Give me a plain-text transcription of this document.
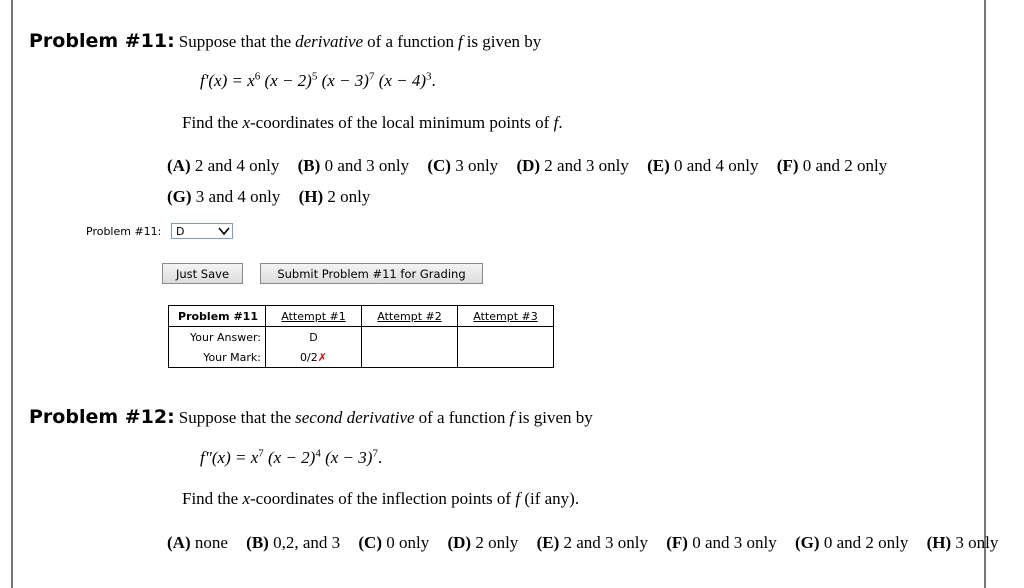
Problem #11: Suppose that the derivative of a function f is given by
$f'(x) = x^6$ $(x - 2)^5$ $(x - 3)^7$ $(x - 4)^3$.
Find the x-coordinates of the local minimum points of f.
(A) 2 and 4 only (B) 0 and 3 only (C) 3 only (D) 2 and 3 only (E) 0 and 4 only (F) 0 and 2 only
(G) 3 and 4 only (H) 2 only
Problem #11: D
Just Save	Submit Problem #11 for Grading
Problem #11	Attempt #1	Attempt #2	Attempt #3
Your Answer:	D		
Your Mark:	0/2✗		
Problem #12: Suppose that the second derivative of a function f is given by
f"(x) = $x^7$ $(x - 2)^4$ $(x - 3)^7$.
Find the x-coordinates of the inflection points of f (if any).
(A) none (B) 0,2, and 3 (C) 0 only (D) 2 only (E) 2 and 3 only (F) 0 and 3 only (G) 0 and 2 only (H) 3 only
